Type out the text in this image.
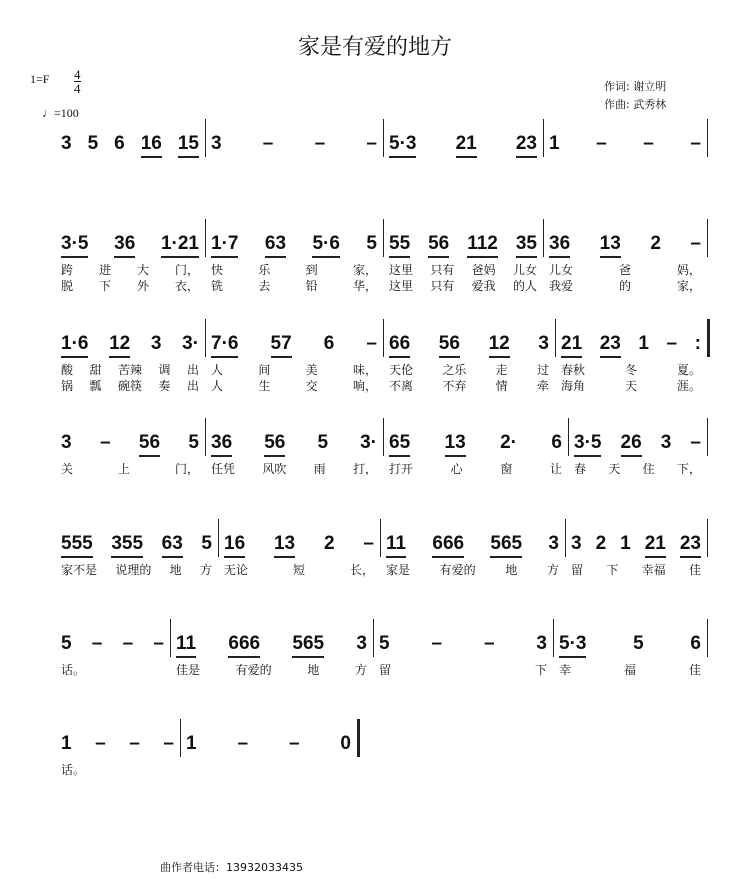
家是有爱的地方
1=F 4
4
♩=100
作词: 谢立明
作曲: 武秀林
3 5 6 16 15 3 – – – 5·3 21 23 1 – – –
3·5 36 1·21
跨 进 大 门，
脱 下 外 衣，
1·7 63 5·6 5
快	乐	到	家，
铣	去	铅	华，
55 56 112 35
这里 只有 爸妈 儿女
这里 只有 爱我 的人
36 13 2 –
儿女	爸	妈，
我爱	的	家，
1·6 12 3 3·
酸 甜 苦辣 调 出
锅 瓢 碗筷 奏 出
7·6 57 6 –
人	间	美	味，
人	生	交	响，
66 56 12 3
天伦 之乐 走 过
不离 不弃 情 牵
21 23 1 – :
春秋	冬	夏。
海角	天	涯。
3 – 56 5
关	上	门，
36 56 5 3·
任凭 风吹 雨 打，
65 13 2· 6
打开	心	窗	让
3·5 26 3 –
春 天 住 下，
555 355 63 5
家不是 说理的 地 方
16 13 2 –
无论	短	长，
11 666 565 3
家是 有爱的 地 方
3 2 1 21 23
留 下 幸福 佳
5 – – –
话。
11 666 565 3
佳是	有爱的	地	方
5 – – 3
留	下
5·3 5 6
幸	福	佳
1 – – –
话。
1 – – 0
曲作者电话：13932033435
